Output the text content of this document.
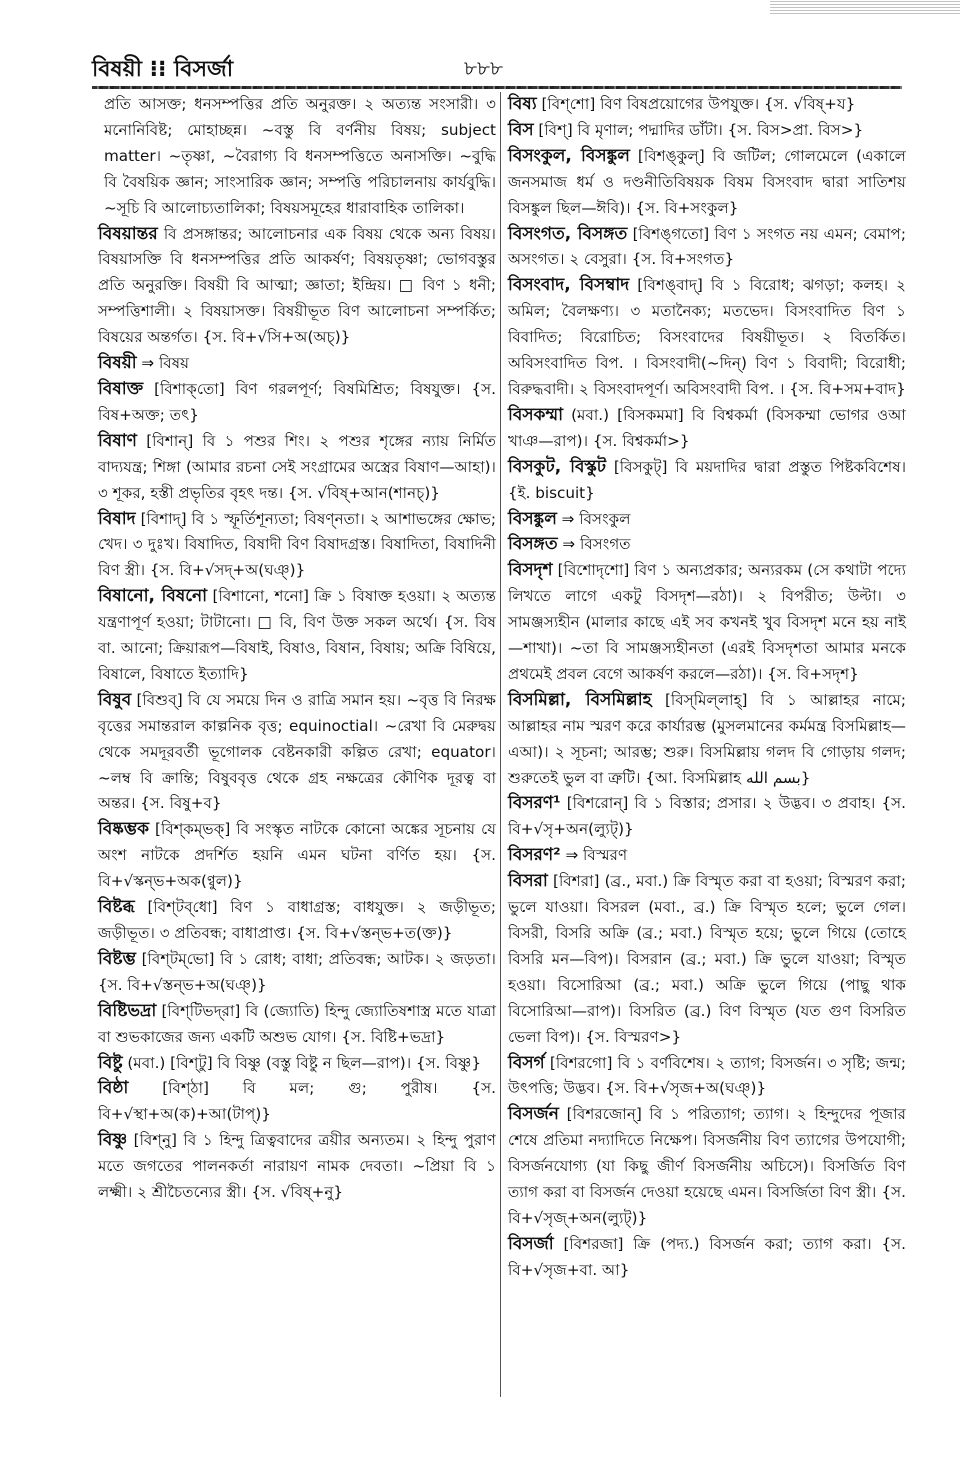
বিষয়ী ⁝⁝ বিসর্জা	৮৮৮

প্রতি আসক্ত; ধনসম্পত্তির প্রতি অনুরক্ত। ২ অত্যন্ত সংসারী। ৩ মনোনিবিষ্ট; মোহাচ্ছন্ন। ~বস্তু বি বর্ণনীয় বিষয়; subject matter। ~তৃষ্ণা, ~বৈরাগ্য বি ধনসম্পত্তিতে অনাসক্তি। ~বুদ্ধি বি বৈষয়িক জ্ঞান; সাংসারিক জ্ঞান; সম্পত্তি পরিচালনায় কার্যবুদ্ধি। ~সূচি বি আলোচ্যতালিকা; বিষয়সমূহের ধারাবাহিক তালিকা।

বিষয়ান্তর বি প্রসঙ্গান্তর; আলোচনার এক বিষয় থেকে অন্য বিষয়। বিষয়াসক্তি বি ধনসম্পত্তির প্রতি আকর্ষণ; বিষয়তৃষ্ণা; ভোগবস্তুর প্রতি অনুরক্তি। বিষয়ী বি আত্মা; জ্ঞাতা; ইন্দ্রিয়। □ বিণ ১ ধনী; সম্পত্তিশালী। ২ বিষয়াসক্ত। বিষয়ীভূত বিণ আলোচনা সম্পর্কিত; বিষয়ের অন্তর্গত। {স. বি+√সি+অ(অচ্)}

বিষয়ী ⇒ বিষয়

বিষাক্ত [বিশাক্‌তো] বিণ গরলপূর্ণ; বিষমিশ্রিত; বিষযুক্ত। {স. বিষ+অক্ত; তৎ}

বিষাণ [বিশান্‌] বি ১ পশুর শিং। ২ পশুর শৃঙ্গের ন্যায় নির্মিত বাদ্যযন্ত্র; শিঙ্গা (আমার রচনা সেই সংগ্রামের অস্ত্রের বিষাণ—আহা)। ৩ শূকর, হস্তী প্রভৃতির বৃহৎ দন্ত। {স. √বিষ্‌+আন(শানচ্‌)}

বিষাদ [বিশাদ্‌] বি ১ স্ফূর্তিশূন্যতা; বিষণ্নতা। ২ আশাভঙ্গের ক্ষোভ; খেদ। ৩ দুঃখ। বিষাদিত, বিষাদী বিণ বিষাদগ্রস্ত। বিষাদিতা, বিষাদিনী বিণ স্ত্রী। {স. বি+√সদ্‌+অ(ঘঞ্‌)}

বিষানো, বিষনো [বিশানো, শনো] ক্রি ১ বিষাক্ত হওয়া। ২ অত্যন্ত যন্ত্রণাপূর্ণ হওয়া; টাটানো। □ বি, বিণ উক্ত সকল অর্থে। {স. বিষ বা. আনো; ক্রিয়ারূপ—বিষাই, বিষাও, বিষান, বিষায়; অক্রি বিষিয়ে, বিষালে, বিষাতে ইত্যাদি}

বিষুব [বিশুব্‌] বি যে সময়ে দিন ও রাত্রি সমান হয়। ~বৃত্ত বি নিরক্ষ বৃত্তের সমান্তরাল কাল্পনিক বৃত্ত; equinoctial। ~রেখা বি মেরুদ্বয় থেকে সমদূরবর্তী ভূগোলক বেষ্টনকারী কল্পিত রেখা; equator। ~লম্ব বি ক্রান্তি; বিষুববৃত্ত থেকে গ্রহ নক্ষত্রের কৌণিক দূরত্ব বা অন্তর। {স. বিষু+ব}

বিষ্কম্ভক [বিশ্‌কম্‌ভক্‌] বি সংস্কৃত নাটকে কোনো অঙ্কের সূচনায় যে অংশ নাটকে প্রদর্শিত হয়নি এমন ঘটনা বর্ণিত হয়। {স. বি+√স্কন্‌ভ+অক(ণ্বুল)}

বিষ্টব্ধ [বিশ্‌টব্‌ধো] বিণ ১ বাধাগ্রস্ত; বাধযুক্ত। ২ জড়ীভূত; জড়ীভূত। ৩ প্রতিবন্ধ; বাধাপ্রাপ্ত। {স. বি+√স্তন্‌ভ+ত(ক্ত)}

বিষ্টম্ভ [বিশ্‌টম্‌ভো] বি ১ রোধ; বাধা; প্রতিবন্ধ; আটক। ২ জড়তা। {স. বি+√স্তন্‌ভ+অ(ঘঞ্‌)}

বিষ্টিভদ্রা [বিশ্‌টিভদ্‌রা] বি (জ্যোতি) হিন্দু জ্যোতিষশাস্ত্র মতে যাত্রা বা শুভকাজের জন্য একটি অশুভ যোগ। {স. বিষ্টি+ভদ্রা}

বিষ্টু (মবা.) [বিশ্‌টু] বি বিষ্ণু (বস্তু বিষ্টু ন ছিল—রাপ)। {স. বিষ্ণু}

বিষ্ঠা [বিশ্‌ঠা] বি মল; গু; পুরীষ। {স. বি+√স্থা+অ(ক)+আ(টাপ্‌)}

বিষ্ণু [বিশ্‌নু] বি ১ হিন্দু ত্রিত্ববাদের ত্রয়ীর অন্যতম। ২ হিন্দু পুরাণ মতে জগতের পালনকর্তা নারায়ণ নামক দেবতা। ~প্রিয়া বি ১ লক্ষ্মী। ২ শ্রীচৈতন্যের স্ত্রী। {স. √বিষ্‌+নু}

বিষ্য [বিশ্‌শো] বিণ বিষপ্রয়োগের উপযুক্ত। {স. √বিষ্‌+য}

বিস [বিশ্‌] বি মৃণাল; পদ্মাদির ডাঁটা। {স. বিস>প্রা. বিস>}

বিসংকুল, বিসঙ্কুল [বিশঙ্‌কুল্‌] বি জটিল; গোলমেলে (একালে জনসমাজ ধর্ম ও দণ্ডনীতিবিষয়ক বিষম বিসংবাদ দ্বারা সাতিশয় বিসঙ্কুল ছিল—ঈবি)। {স. বি+সংকুল}

বিসংগত, বিসঙ্গত [বিশঙ্‌গতো] বিণ ১ সংগত নয় এমন; বেমাপ; অসংগত। ২ বেসুরা। {স. বি+সংগত}

বিসংবাদ, বিসম্বাদ [বিশঙ্‌বাদ্‌] বি ১ বিরোধ; ঝগড়া; কলহ। ২ অমিল; বৈলক্ষণ্য। ৩ মতানৈক্য; মতভেদ। বিসংবাদিত বিণ ১ বিবাদিত; বিরোচিত; বিসংবাদের বিষয়ীভূত। ২ বিতর্কিত। অবিসংবাদিত বিপ. । বিসংবাদী(~দিন্‌) বিণ ১ বিবাদী; বিরোধী; বিরুদ্ধবাদী। ২ বিসংবাদপূর্ণ। অবিসংবাদী বিপ. । {স. বি+সম+বাদ}

বিসকম্মা (মবা.) [বিসকমমা] বি বিশ্বকর্মা (বিসকম্মা ভোগর ওআ খাঞ—রাপ)। {স. বিশ্বকর্মা>}

বিসকুট, বিস্কুট [বিসকুট্‌] বি ময়দাদির দ্বারা প্রস্তুত পিষ্টকবিশেষ। {ই. biscuit}

বিসঙ্কুল ⇒ বিসংকুল

বিসঙ্গত ⇒ বিসংগত

বিসদৃশ [বিশোদৃশো] বিণ ১ অন্যপ্রকার; অন্যরকম (সে কথাটা পদ্যে লিখতে লাগে একটু বিসদৃশ—রঠা)। ২ বিপরীত; উল্টা। ৩ সামঞ্জস্যহীন (মালার কাছে এই সব কখনই খুব বিসদৃশ মনে হয় নাই—শাখা)। ~তা বি সামঞ্জস্যহীনতা (এরই বিসদৃশতা আমার মনকে প্রথমেই প্রবল বেগে আকর্ষণ করলে—রঠা)। {স. বি+সদৃশ}

বিসমিল্লা, বিসমিল্লাহ [বিস্‌মিল্‌লাহ্‌] বি ১ আল্লাহর নামে; আল্লাহর নাম স্মরণ করে কার্যারম্ভ (মুসলমানের কর্মমন্ত্র বিসমিল্লাহ—এআ)। ২ সূচনা; আরম্ভ; শুরু। বিসমিল্লায় গলদ বি গোড়ায় গলদ; শুরুতেই ভুল বা ত্রুটি। {আ. বিসমিল্লাহ بسم الله}

বিসরণ¹ [বিশরোন্‌] বি ১ বিস্তার; প্রসার। ২ উদ্ভব। ৩ প্রবাহ। {স. বি+√সৃ+অন(ল্যুট্‌)}

বিসরণ² ⇒ বিস্মরণ

বিসরা [বিশরা] (ব্র., মবা.) ক্রি বিস্মৃত করা বা হওয়া; বিস্মরণ করা; ভুলে যাওয়া। বিসরল (মবা., ব্র.) ক্রি বিস্মৃত হলে; ভুলে গেল। বিসরী, বিসরি অক্রি (ব্র.; মবা.) বিস্মৃত হয়ে; ভুলে গিয়ে (তোহে বিসরি মন—বিপ)। বিসরান (ব্র.; মবা.) ক্রি ভুলে যাওয়া; বিস্মৃত হওয়া। বিসোরিআ (ব্র.; মবা.) অক্রি ভুলে গিয়ে (পাছু থাক বিসোরিআ—রাপ)। বিসরিত (ব্র.) বিণ বিস্মৃত (যত গুণ বিসরিত ভেলা বিপ)। {স. বিস্মরণ>}

বিসর্গ [বিশরগো] বি ১ বর্ণবিশেষ। ২ ত্যাগ; বিসর্জন। ৩ সৃষ্টি; জন্ম; উৎপত্তি; উদ্ভব। {স. বি+√সৃজ+অ(ঘঞ্‌)}

বিসর্জন [বিশরজোন্‌] বি ১ পরিত্যাগ; ত্যাগ। ২ হিন্দুদের পূজার শেষে প্রতিমা নদ্যাদিতে নিক্ষেপ। বিসর্জনীয় বিণ ত্যাগের উপযোগী; বিসর্জনযোগ্য (যা কিছু জীর্ণ বিসর্জনীয় অচিসে)। বিসর্জিত বিণ ত্যাগ করা বা বিসর্জন দেওয়া হয়েছে এমন। বিসর্জিতা বিণ স্ত্রী। {স. বি+√সৃজ্‌+অন(ল্যুট্‌)}

বিসর্জা [বিশরজা] ক্রি (পদ্য.) বিসর্জন করা; ত্যাগ করা। {স. বি+√সৃজ+বা. আ}
